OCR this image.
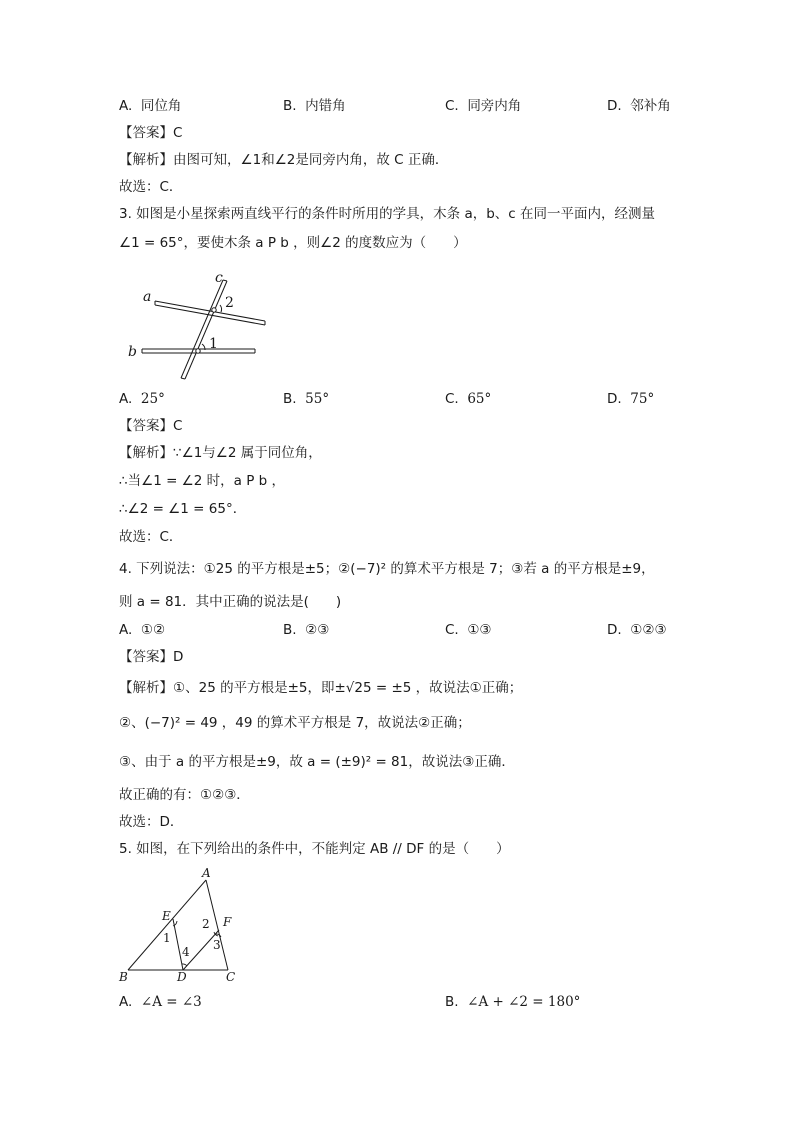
A. 同位角	B. 内错角	C. 同旁内角	D. 邻补角
【答案】C
【解析】由图可知，∠1和∠2是同旁内角，故 C 正确．
故选：C．
3. 如图是小星探索两直线平行的条件时所用的学具，木条 a，b、c 在同一平面内，经测量
∠1 = 65°，要使木条 a P b ，则∠2 的度数应为（　　）
a
b
c
2
1
A. 25°	B. 55°	C. 65°	D. 75°
【答案】C
【解析】∵∠1与∠2 属于同位角，
∴当∠1 = ∠2 时，a P b ，
∴∠2 = ∠1 = 65°．
故选：C．
4. 下列说法：①25 的平方根是±5；②(−7)² 的算术平方根是 7；③若 a 的平方根是±9，
则 a = 81．其中正确的说法是(　　)
A. ①②	B. ②③	C. ①③	D. ①②③
【答案】D
【解析】①、25 的平方根是±5，即±√25 = ±5 ，故说法①正确；
②、(−7)² = 49 ，49 的算术平方根是 7，故说法②正确；
③、由于 a 的平方根是±9，故 a = (±9)² = 81，故说法③正确．
故正确的有：①②③．
故选：D．
5. 如图，在下列给出的条件中，不能判定 AB // DF 的是（　　）
A
B	C
D
E	F
1
2
3
4
A. ∠A = ∠3	B. ∠A + ∠2 = 180°
